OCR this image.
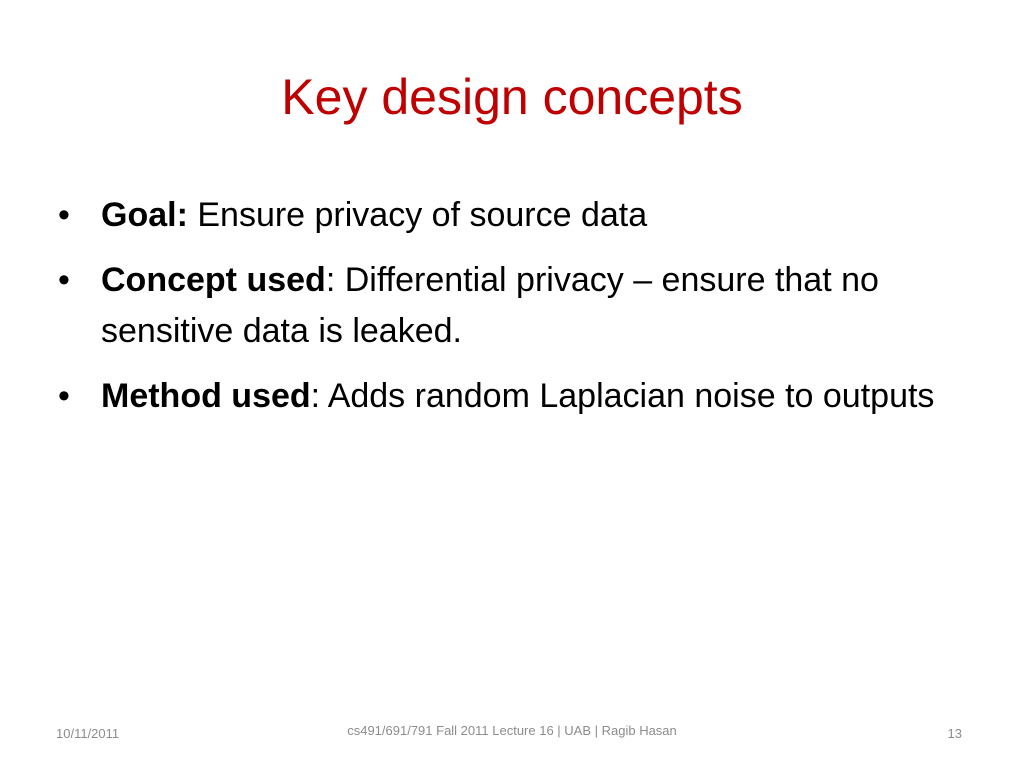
Key design concepts
• Goal: Ensure privacy of source data
• Concept used: Differential privacy – ensure that no sensitive data is leaked.
• Method used: Adds random Laplacian noise to outputs
10/11/2011	cs491/691/791 Fall 2011 Lecture 16 | UAB | Ragib Hasan	13
